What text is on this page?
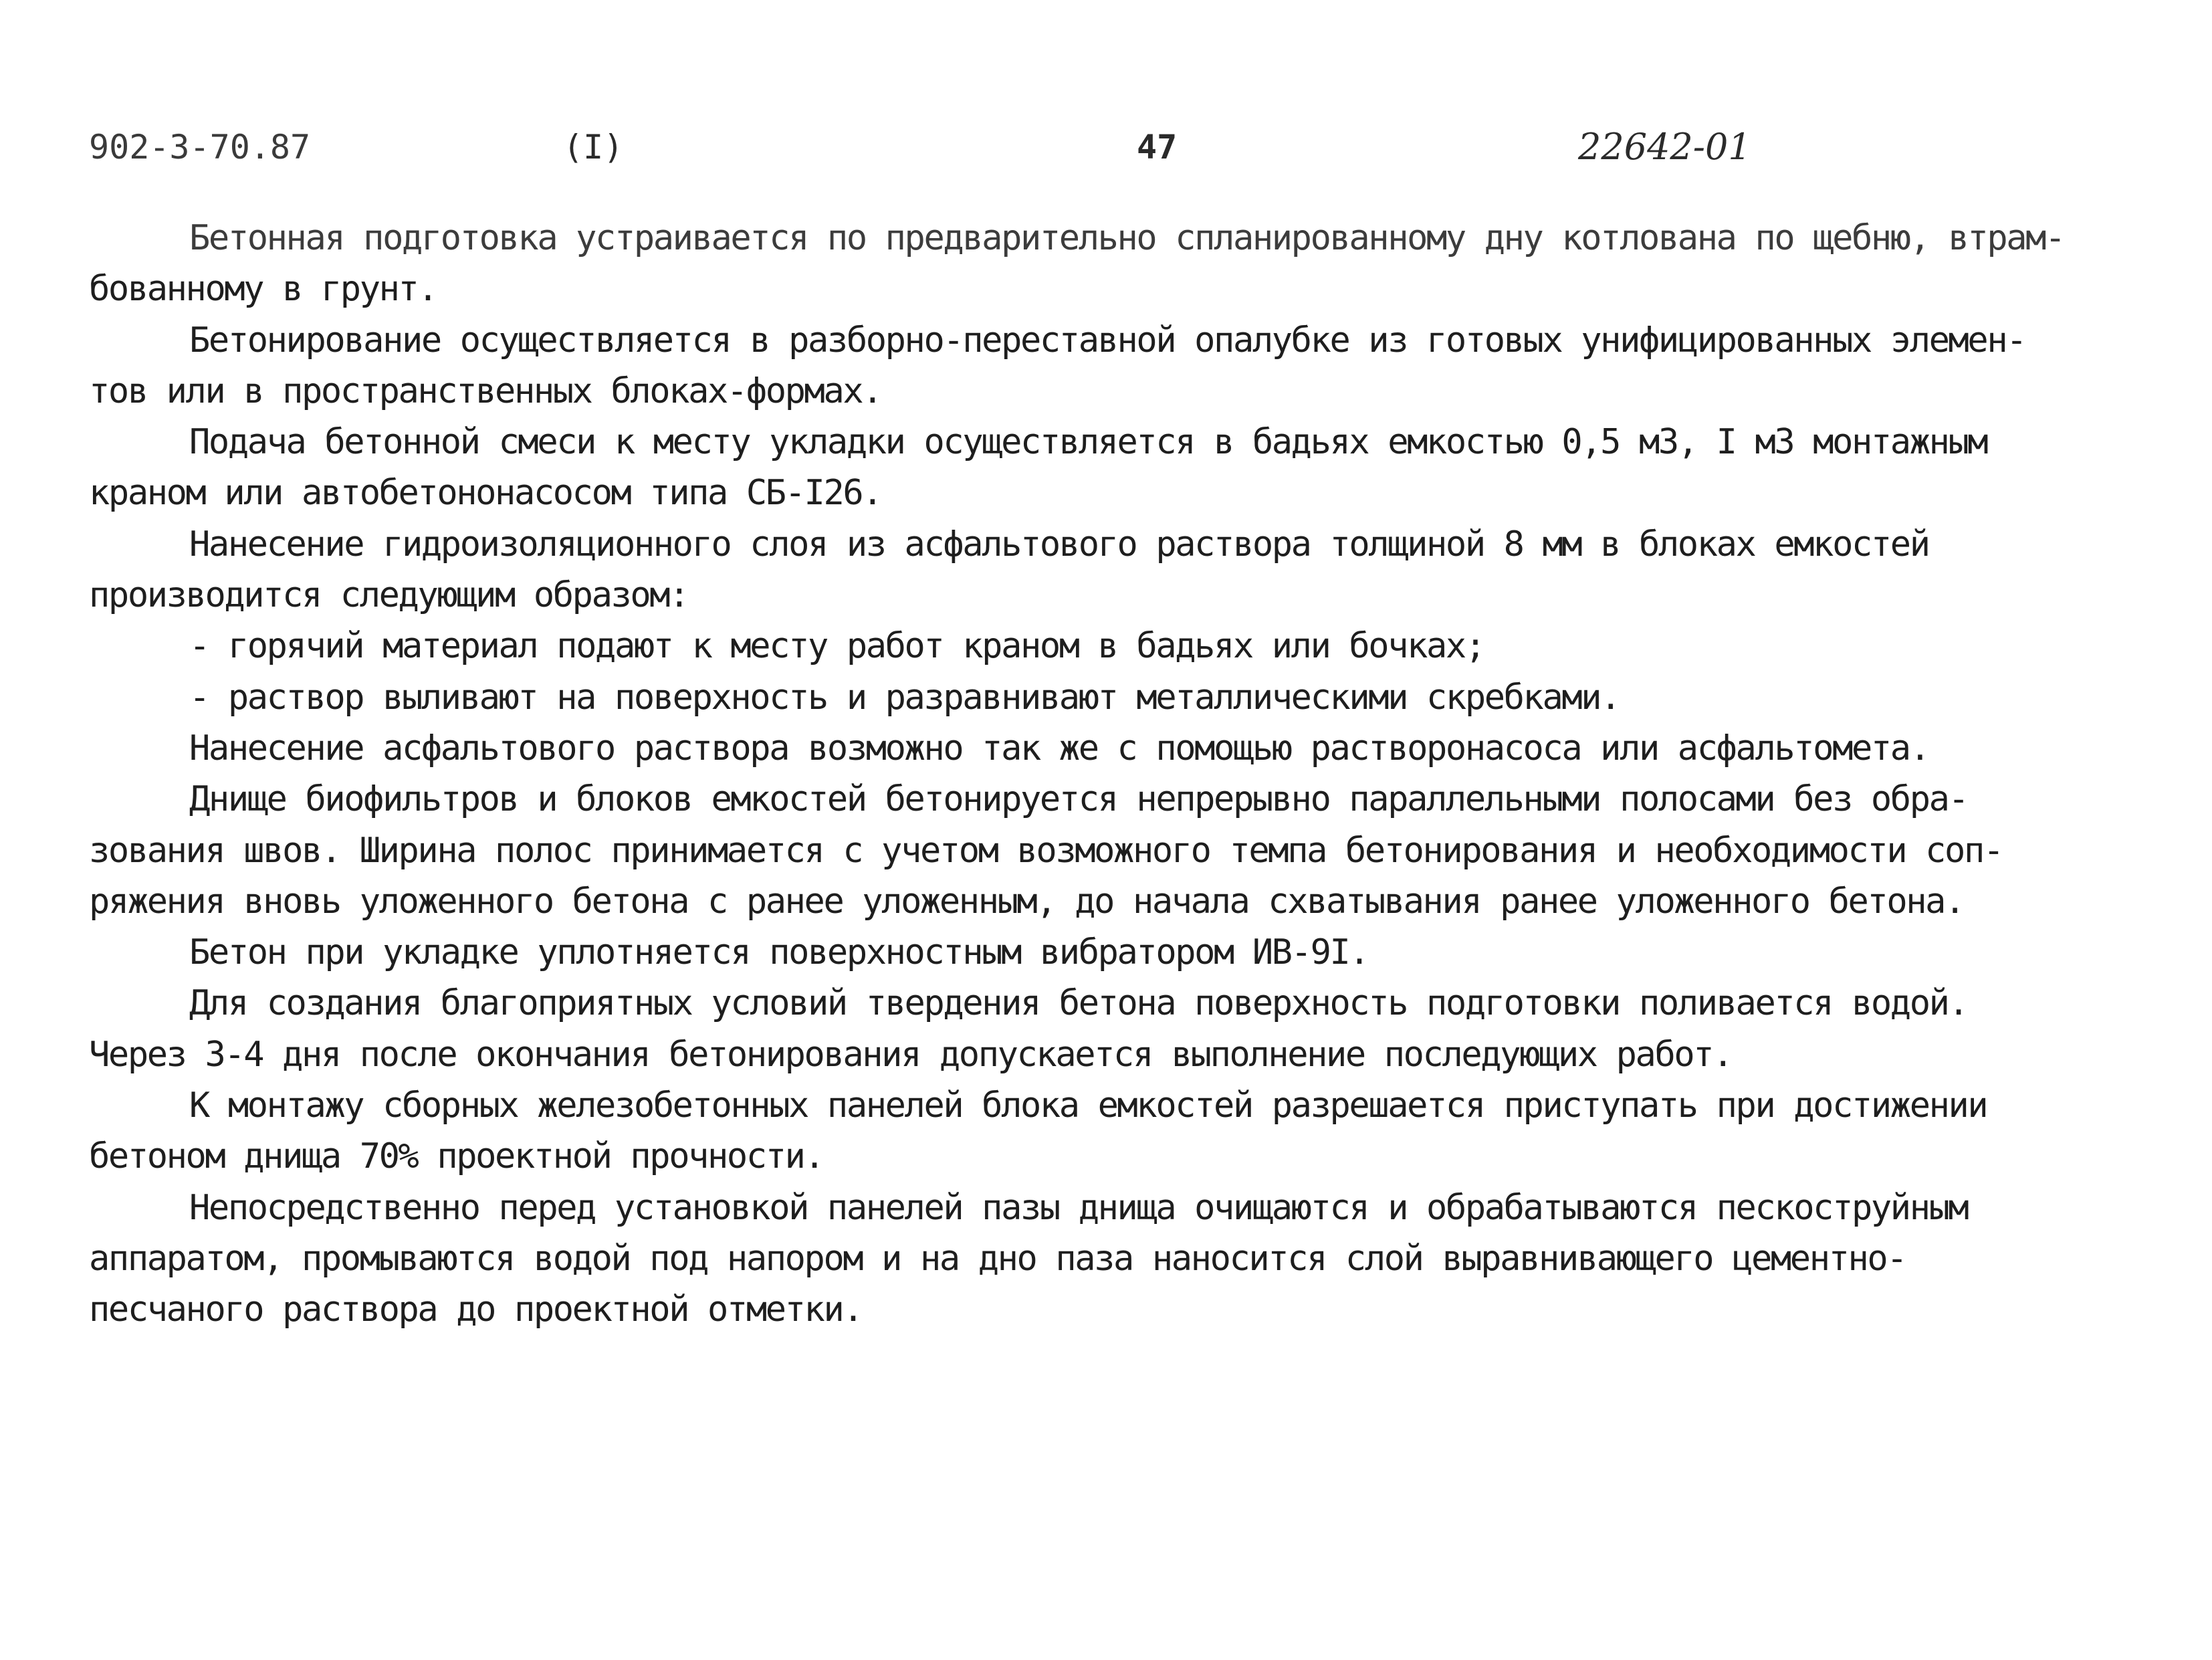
902-3-70.87	(I)	47	22642-01
Бетонная подготовка устраивается по предварительно спланированному дну котлована по щебню, втрам-
бованному в грунт.
Бетонирование осуществляется в разборно-переставной опалубке из готовых унифицированных элемен-
тов или в пространственных блоках-формах.
Подача бетонной смеси к месту укладки осуществляется в бадьях емкостью 0,5 м3, I м3 монтажным
краном или автобетононасосом типа СБ-I26.
Нанесение гидроизоляционного слоя из асфальтового раствора толщиной 8 мм в блоках емкостей
производится следующим образом:
- горячий материал подают к месту работ краном в бадьях или бочках;
- раствор выливают на поверхность и разравнивают металлическими скребками.
Нанесение асфальтового раствора возможно так же с помощью растворонасоса или асфальтомета.
Днище биофильтров и блоков емкостей бетонируется непрерывно параллельными полосами без обра-
зования швов. Ширина полос принимается с учетом возможного темпа бетонирования и необходимости соп-
ряжения вновь уложенного бетона с ранее уложенным, до начала схватывания ранее уложенного бетона.
Бетон при укладке уплотняется поверхностным вибратором ИВ-9I.
Для создания благоприятных условий твердения бетона поверхность подготовки поливается водой.
Через 3-4 дня после окончания бетонирования допускается выполнение последующих работ.
К монтажу сборных железобетонных панелей блока емкостей разрешается приступать при достижении
бетоном днища 70% проектной прочности.
Непосредственно перед установкой панелей пазы днища очищаются и обрабатываются пескоструйным
аппаратом, промываются водой под напором и на дно паза наносится слой выравнивающего цементно-
песчаного раствора до проектной отметки.
